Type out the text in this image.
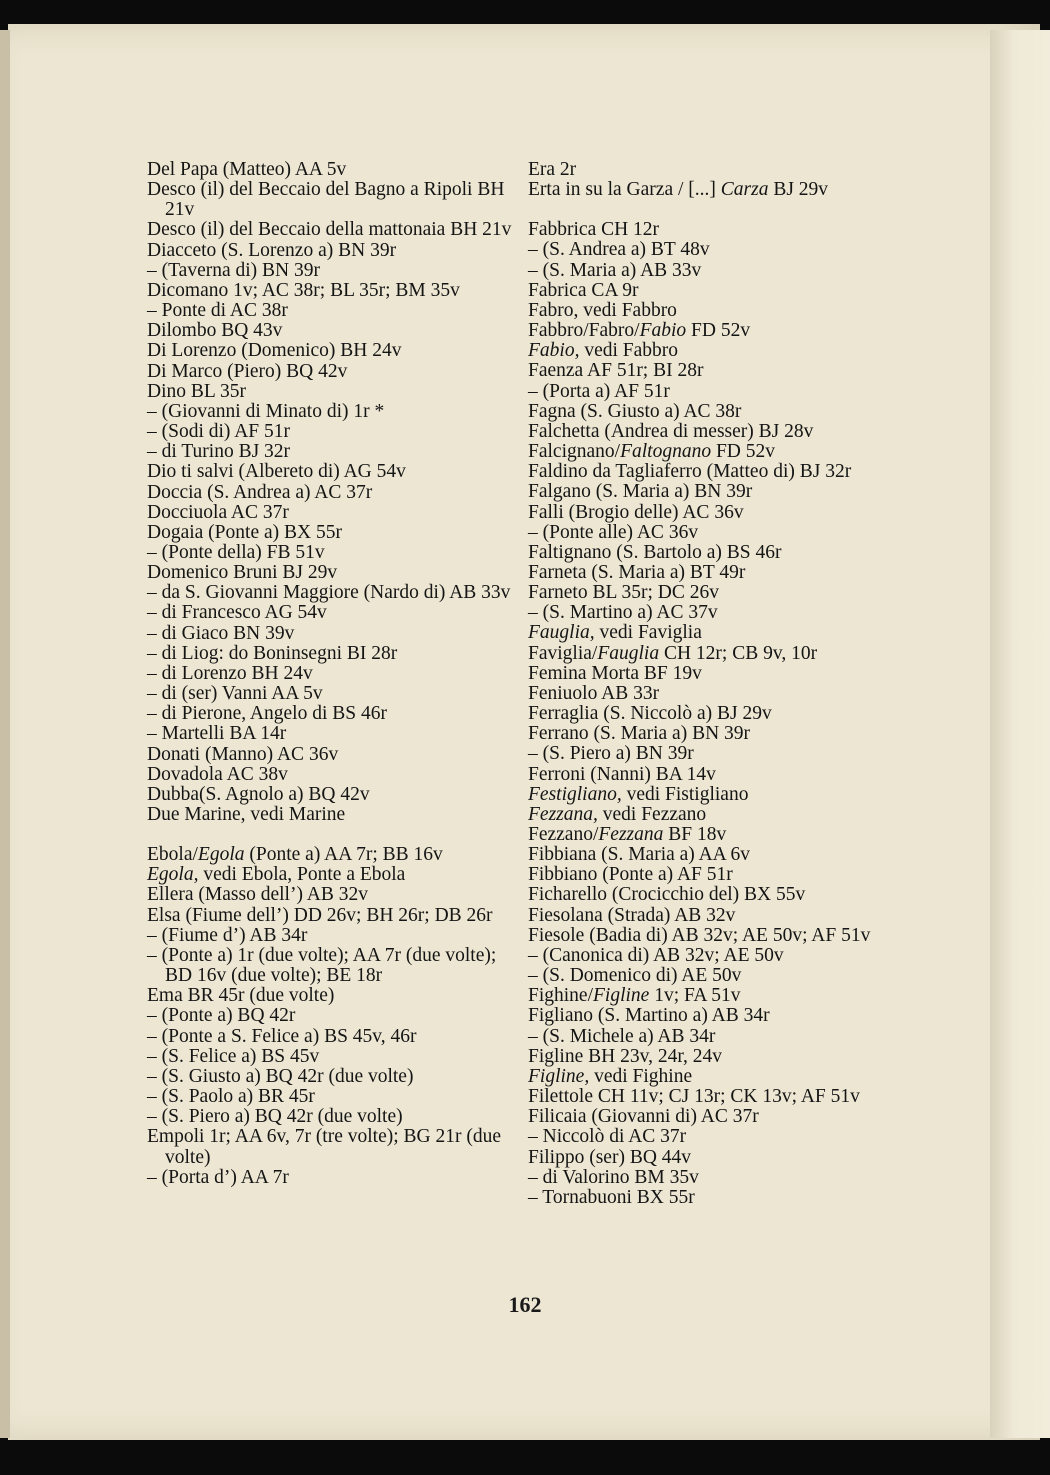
Del Papa (Matteo) AA 5v
Desco (il) del Beccaio del Bagno a Ripoli BH 21v
Desco (il) del Beccaio della mattonaia BH 21v
Diacceto (S. Lorenzo a) BN 39r
– (Taverna di) BN 39r
Dicomano 1v; AC 38r; BL 35r; BM 35v
– Ponte di AC 38r
Dilombo BQ 43v
Di Lorenzo (Domenico) BH 24v
Di Marco (Piero) BQ 42v
Dino BL 35r
– (Giovanni di Minato di) 1r *
– (Sodi di) AF 51r
– di Turino BJ 32r
Dio ti salvi (Albereto di) AG 54v
Doccia (S. Andrea a) AC 37r
Docciuola AC 37r
Dogaia (Ponte a) BX 55r
– (Ponte della) FB 51v
Domenico Bruni BJ 29v
– da S. Giovanni Maggiore (Nardo di) AB 33v
– di Francesco AG 54v
– di Giaco BN 39v
– di Liog: do Boninsegni BI 28r
– di Lorenzo BH 24v
– di (ser) Vanni AA 5v
– di Pierone, Angelo di BS 46r
– Martelli BA 14r
Donati (Manno) AC 36v
Dovadola AC 38v
Dubba(S. Agnolo a) BQ 42v
Due Marine, vedi Marine
Ebola/Egola (Ponte a) AA 7r; BB 16v
Egola, vedi Ebola, Ponte a Ebola
Ellera (Masso dell’) AB 32v
Elsa (Fiume dell’) DD 26v; BH 26r; DB 26r
– (Fiume d’) AB 34r
– (Ponte a) 1r (due volte); AA 7r (due volte); BD 16v (due volte); BE 18r
Ema BR 45r (due volte)
– (Ponte a) BQ 42r
– (Ponte a S. Felice a) BS 45v, 46r
– (S. Felice a) BS 45v
– (S. Giusto a) BQ 42r (due volte)
– (S. Paolo a) BR 45r
– (S. Piero a) BQ 42r (due volte)
Empoli 1r; AA 6v, 7r (tre volte); BG 21r (due volte)
– (Porta d’) AA 7r
Era 2r
Erta in su la Garza / [...] Carza BJ 29v
Fabbrica CH 12r
– (S. Andrea a) BT 48v
– (S. Maria a) AB 33v
Fabrica CA 9r
Fabro, vedi Fabbro
Fabbro/Fabro/Fabio FD 52v
Fabio, vedi Fabbro
Faenza AF 51r; BI 28r
– (Porta a) AF 51r
Fagna (S. Giusto a) AC 38r
Falchetta (Andrea di messer) BJ 28v
Falcignano/Faltognano FD 52v
Faldino da Tagliaferro (Matteo di) BJ 32r
Falgano (S. Maria a) BN 39r
Falli (Brogio delle) AC 36v
– (Ponte alle) AC 36v
Faltignano (S. Bartolo a) BS 46r
Farneta (S. Maria a) BT 49r
Farneto BL 35r; DC 26v
– (S. Martino a) AC 37v
Fauglia, vedi Faviglia
Faviglia/Fauglia CH 12r; CB 9v, 10r
Femina Morta BF 19v
Feniuolo AB 33r
Ferraglia (S. Niccolò a) BJ 29v
Ferrano (S. Maria a) BN 39r
– (S. Piero a) BN 39r
Ferroni (Nanni) BA 14v
Festigliano, vedi Fistigliano
Fezzana, vedi Fezzano
Fezzano/Fezzana BF 18v
Fibbiana (S. Maria a) AA 6v
Fibbiano (Ponte a) AF 51r
Ficharello (Crocicchio del) BX 55v
Fiesolana (Strada) AB 32v
Fiesole (Badia di) AB 32v; AE 50v; AF 51v
– (Canonica di) AB 32v; AE 50v
– (S. Domenico di) AE 50v
Fighine/Figline 1v; FA 51v
Figliano (S. Martino a) AB 34r
– (S. Michele a) AB 34r
Figline BH 23v, 24r, 24v
Figline, vedi Fighine
Filettole CH 11v; CJ 13r; CK 13v; AF 51v
Filicaia (Giovanni di) AC 37r
– Niccolò di AC 37r
Filippo (ser) BQ 44v
– di Valorino BM 35v
– Tornabuoni BX 55r
162
